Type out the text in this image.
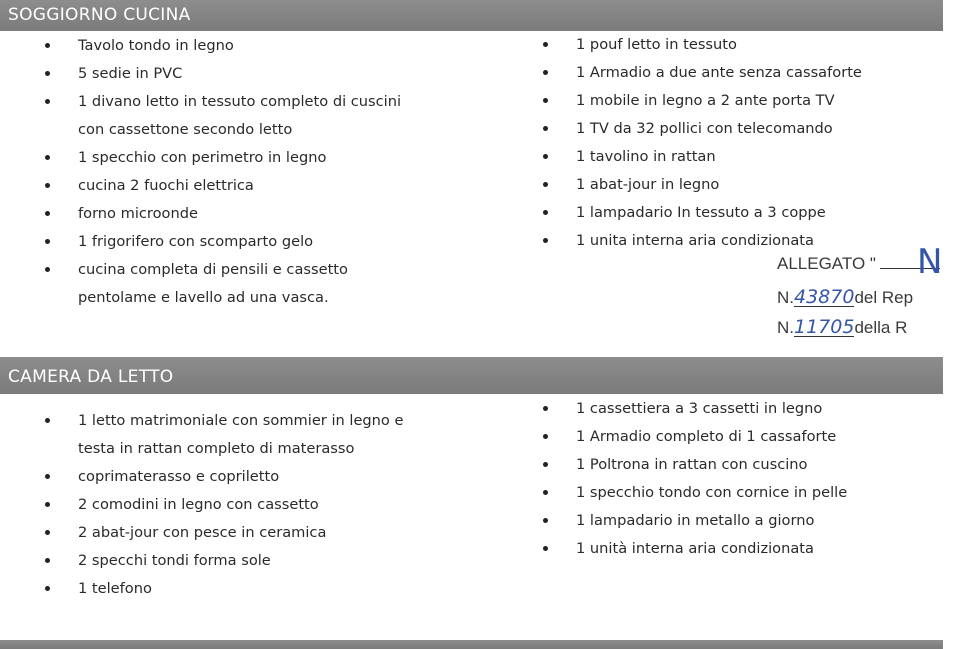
SOGGIORNO CUCINA
Tavolo tondo in legno
5 sedie in PVC
1 divano letto in tessuto completo di cuscini
con cassettone secondo letto
1 specchio con perimetro in legno
cucina 2 fuochi elettrica
forno microonde
1 frigorifero con scomparto gelo
cucina completa di pensili e cassetto
pentolame e lavello ad una vasca.
1 pouf letto in tessuto
1 Armadio a due ante senza cassaforte
1 mobile in legno a 2 ante porta TV
1 TV da 32 pollici con telecomando
1 tavolino in rattan
1 abat-jour in legno
1 lampadario In tessuto a 3 coppe
1 unita interna aria condizionata
ALLEGATO " N
N.43870del Rep
N.11705della R
CAMERA DA LETTO
1 letto matrimoniale con sommier in legno e
testa in rattan completo di materasso
coprimaterasso e copriletto
2 comodini in legno con cassetto
2 abat-jour con pesce in ceramica
2 specchi tondi forma sole
1 telefono
1 cassettiera a 3 cassetti in legno
1 Armadio completo di 1 cassaforte
1 Poltrona in rattan con cuscino
1 specchio tondo con cornice in pelle
1 lampadario in metallo a giorno
1 unità interna aria condizionata
